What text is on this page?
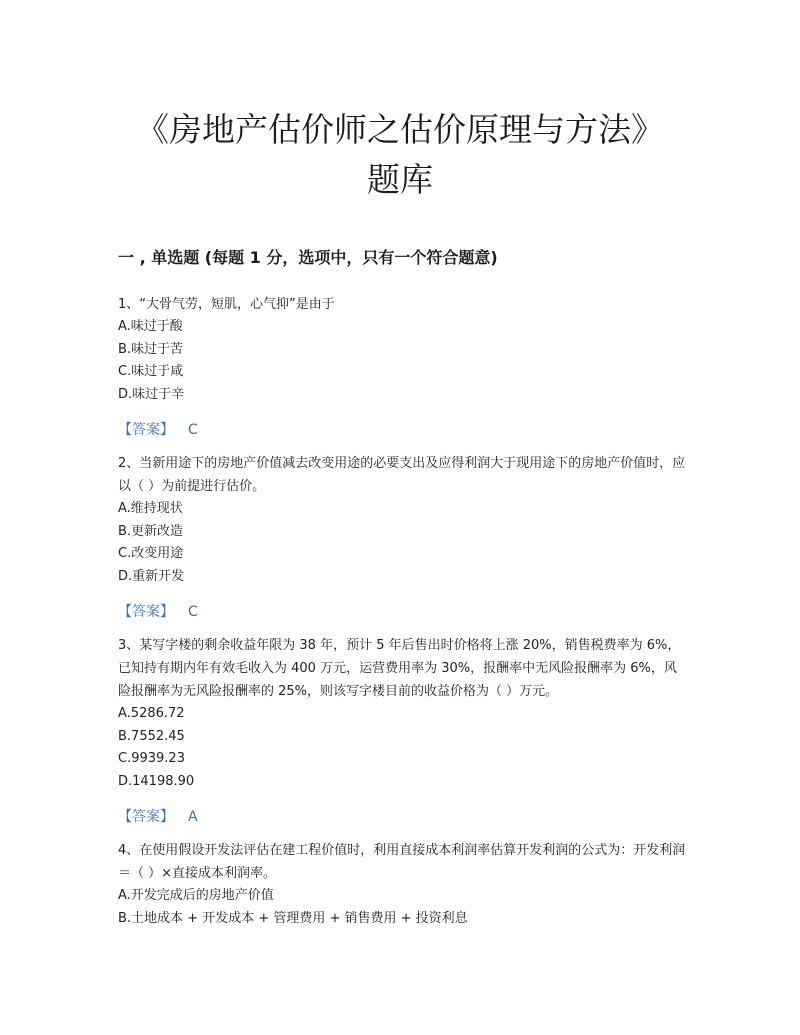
《房地产估价师之估价原理与方法》
题库
一 , 单选题 (每题 1 分，选项中，只有一个符合题意)

1、“大骨气劳，短肌，心气抑”是由于

A.味过于酸

B.味过于苦

C.味过于咸

D.味过于辛

【答案】 C

2、当新用途下的房地产价值减去改变用途的必要支出及应得利润大于现用途下的房地产价值时，应以（ ）为前提进行估价。

A.维持现状

B.更新改造

C.改变用途

D.重新开发

【答案】 C

3、某写字楼的剩余收益年限为 38 年，预计 5 年后售出时价格将上涨 20%，销售税费率为 6%，已知持有期内年有效毛收入为 400 万元，运营费用率为 30%，报酬率中无风险报酬率为 6%，风险报酬率为无风险报酬率的 25%，则该写字楼目前的收益价格为（ ）万元。

A.5286.72

B.7552.45

C.9939.23

D.14198.90

【答案】 A

4、在使用假设开发法评估在建工程价值时，利用直接成本利润率估算开发利润的公式为：开发利润＝（ ）×直接成本利润率。

A.开发完成后的房地产价值

B.土地成本 + 开发成本 + 管理费用 + 销售费用 + 投资利息
